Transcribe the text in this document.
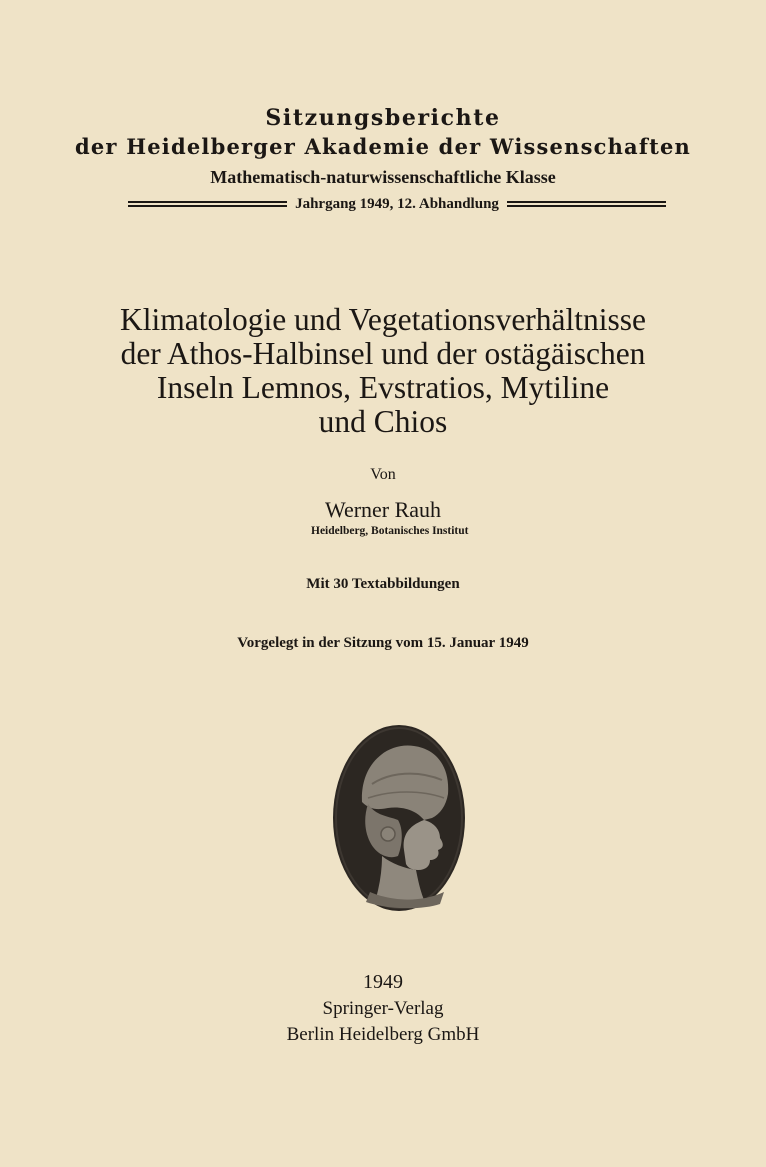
Sitzungsberichte
der Heidelberger Akademie der Wissenschaften
Mathematisch-naturwissenschaftliche Klasse
Jahrgang 1949, 12. Abhandlung
Klimatologie und Vegetationsverhältnisse
der Athos-Halbinsel und der ostägäischen
Inseln Lemnos, Evstratios, Mytiline
und Chios
Von
Werner Rauh
Heidelberg, Botanisches Institut
Mit 30 Textabbildungen
Vorgelegt in der Sitzung vom 15. Januar 1949
1949
Springer-Verlag
Berlin Heidelberg GmbH
